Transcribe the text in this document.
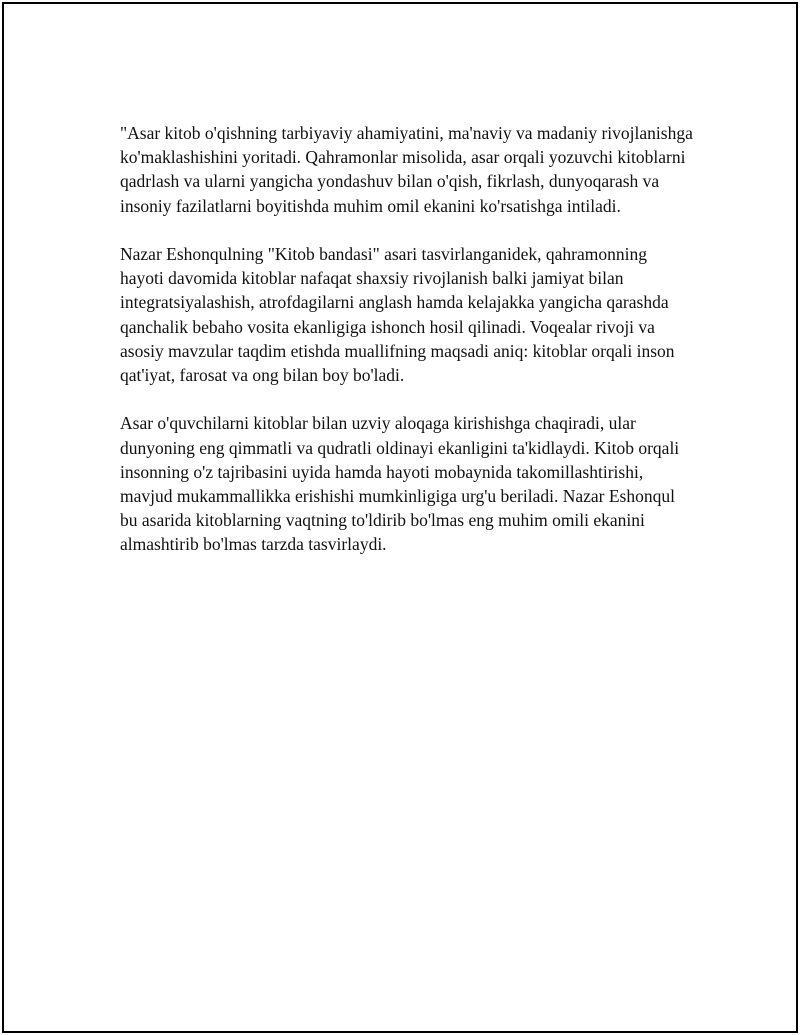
"Asar kitob o'qishning tarbiyaviy ahamiyatini, ma'naviy va madaniy rivojlanishga ko'maklashishini yoritadi. Qahramonlar misolida, asar orqali yozuvchi kitoblarni qadrlash va ularni yangicha yondashuv bilan o'qish, fikrlash, dunyoqarash va insoniy fazilatlarni boyitishda muhim omil ekanini ko'rsatishga intiladi.

Nazar Eshonqulning "Kitob bandasi" asari tasvirlanganidek, qahramonning hayoti davomida kitoblar nafaqat shaxsiy rivojlanish balki jamiyat bilan integratsiyalashish, atrofdagilarni anglash hamda kelajakka yangicha qarashda qanchalik bebaho vosita ekanligiga ishonch hosil qilinadi. Voqealar rivoji va asosiy mavzular taqdim etishda muallifning maqsadi aniq: kitoblar orqali inson qat'iyat, farosat va ong bilan boy bo'ladi.

Asar o'quvchilarni kitoblar bilan uzviy aloqaga kirishishga chaqiradi, ular dunyoning eng qimmatli va qudratli oldinayi ekanligini ta'kidlaydi. Kitob orqali insonning o'z tajribasini uyida hamda hayoti mobaynida takomillashtirishi, mavjud mukammallikka erishishi mumkinligiga urg'u beriladi. Nazar Eshonqul bu asarida kitoblarning vaqtning to'ldirib bo'lmas eng muhim omili ekanini almashtirib bo'lmas tarzda tasvirlaydi.
